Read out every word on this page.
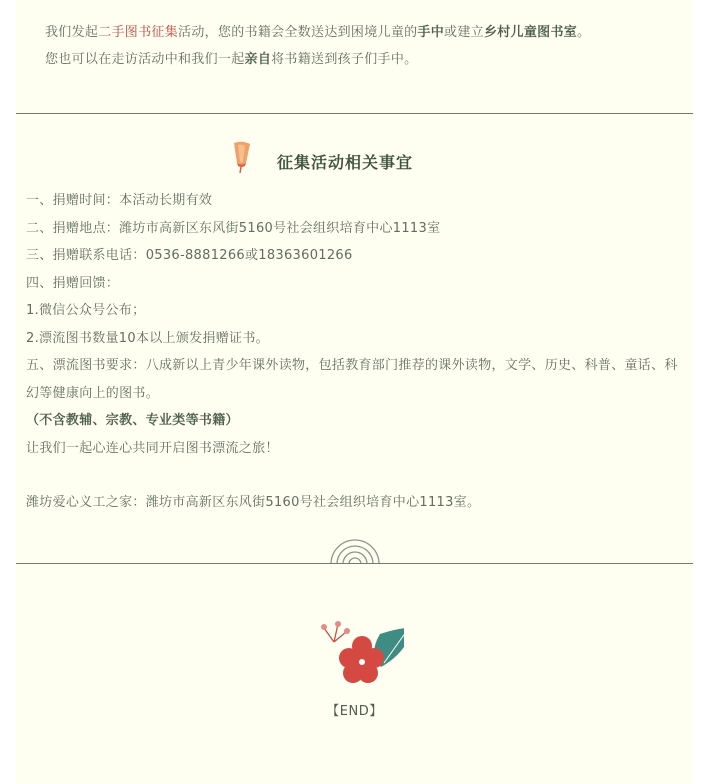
我们发起二手图书征集活动，您的书籍会全数送达到困境儿童的手中或建立乡村儿童图书室。

您也可以在走访活动中和我们一起亲自将书籍送到孩子们手中。

征集活动相关事宜

一、捐赠时间：本活动长期有效

二、捐赠地点：潍坊市高新区东风街5160号社会组织培育中心1113室

三、捐赠联系电话：0536-8881266或18363601266

四、捐赠回馈：

1.微信公众号公布；

2.漂流图书数量10本以上颁发捐赠证书。

五、漂流图书要求：八成新以上青少年课外读物，包括教育部门推荐的课外读物，文学、历史、科普、童话、科幻等健康向上的图书。

（不含教辅、宗教、专业类等书籍）

让我们一起心连心共同开启图书漂流之旅！

潍坊爱心义工之家：潍坊市高新区东风街5160号社会组织培育中心1113室。

【END】
